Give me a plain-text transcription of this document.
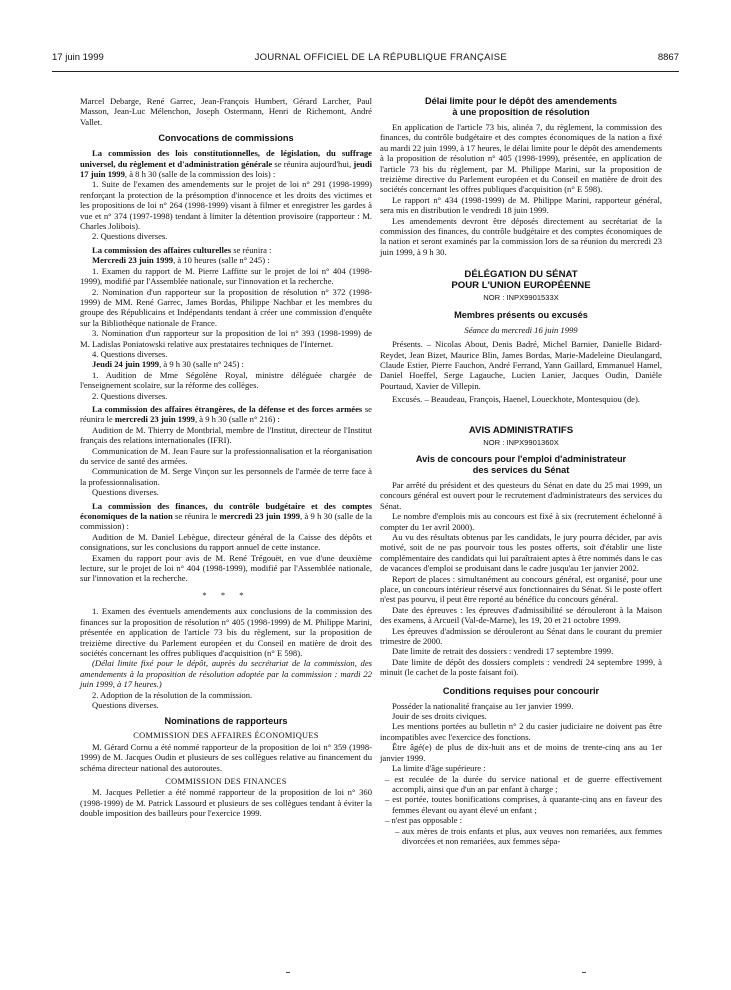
17 juin 1999	JOURNAL OFFICIEL DE LA RÉPUBLIQUE FRANÇAISE	8867

Marcel Debarge, René Garrec, Jean-François Humbert, Gérard Larcher, Paul Masson, Jean-Luc Mélenchon, Joseph Ostermann, Henri de Richemont, André Vallet.

Convocations de commissions

La commission des lois constitutionnelles, de législation, du suffrage universel, du règlement et d'administration générale se réunira aujourd'hui, jeudi 17 juin 1999, à 8 h 30 (salle de la commission des lois) :

1. Suite de l'examen des amendements sur le projet de loi n° 291 (1998-1999) renforçant la protection de la présomption d'innocence et les droits des victimes et les propositions de loi n° 264 (1998-1999) visant à filmer et enregistrer les gardes à vue et n° 374 (1997-1998) tendant à limiter la détention provisoire (rapporteur : M. Charles Jolibois).

2. Questions diverses.

La commission des affaires culturelles se réunira :

Mercredi 23 juin 1999, à 10 heures (salle n° 245) :

1. Examen du rapport de M. Pierre Laffitte sur le projet de loi n° 404 (1998-1999), modifié par l'Assemblée nationale, sur l'innovation et la recherche.

2. Nomination d'un rapporteur sur la proposition de résolution n° 372 (1998-1999) de MM. René Garrec, James Bordas, Philippe Nachbar et les membres du groupe des Républicains et Indépendants tendant à créer une commission d'enquête sur la Bibliothèque nationale de France.

3. Nomination d'un rapporteur sur la proposition de loi n° 393 (1998-1999) de M. Ladislas Poniatowski relative aux prestataires techniques de l'Internet.

4. Questions diverses.

Jeudi 24 juin 1999, à 9 h 30 (salle n° 245) :

1. Audition de Mme Ségolène Royal, ministre déléguée chargée de l'enseignement scolaire, sur la réforme des collèges.

2. Questions diverses.

La commission des affaires étrangères, de la défense et des forces armées se réunira le mercredi 23 juin 1999, à 9 h 30 (salle n° 216) :

Audition de M. Thierry de Montbrial, membre de l'Institut, directeur de l'Institut français des relations internationales (IFRI).

Communication de M. Jean Faure sur la professionnalisation et la réorganisation du service de santé des armées.

Communication de M. Serge Vinçon sur les personnels de l'armée de terre face à la professionnalisation.

Questions diverses.

La commission des finances, du contrôle budgétaire et des comptes économiques de la nation se réunira le mercredi 23 juin 1999, à 9 h 30 (salle de la commission) :

Audition de M. Daniel Lebègue, directeur général de la Caisse des dépôts et consignations, sur les conclusions du rapport annuel de cette instance.

Examen du rapport pour avis de M. René Trégouët, en vue d'une deuxième lecture, sur le projet de loi n° 404 (1998-1999), modifié par l'Assemblée nationale, sur l'innovation et la recherche.

* * *

1. Examen des éventuels amendements aux conclusions de la commission des finances sur la proposition de résolution n° 405 (1998-1999) de M. Philippe Marini, présentée en application de l'article 73 bis du règlement, sur la proposition de treizième directive du Parlement européen et du Conseil en matière de droit des sociétés concernant les offres publiques d'acquisition (n° E 598).

(Délai limite fixé pour le dépôt, auprès du secrétariat de la commission, des amendements à la proposition de résolution adoptée par la commission : mardi 22 juin 1999, à 17 heures.)

2. Adoption de la résolution de la commission.

Questions diverses.

Nominations de rapporteurs

COMMISSION DES AFFAIRES ÉCONOMIQUES

M. Gérard Cornu a été nommé rapporteur de la proposition de loi n° 359 (1998-1999) de M. Jacques Oudin et plusieurs de ses collègues relative au financement du schéma directeur national des autoroutes.

COMMISSION DES FINANCES

M. Jacques Pelletier a été nommé rapporteur de la proposition de loi n° 360 (1998-1999) de M. Patrick Lassourd et plusieurs de ses collègues tendant à éviter la double imposition des bailleurs pour l'exercice 1999.

Délai limite pour le dépôt des amendements
à une proposition de résolution

En application de l'article 73 bis, alinéa 7, du règlement, la commission des finances, du contrôle budgétaire et des comptes économiques de la nation a fixé au mardi 22 juin 1999, à 17 heures, le délai limite pour le dépôt des amendements à la proposition de résolution n° 405 (1998-1999), présentée, en application de l'article 73 bis du règlement, par M. Philippe Marini, sur la proposition de treizième directive du Parlement européen et du Conseil en matière de droit des sociétés concernant les offres publiques d'acquisition (n° E 598).

Le rapport n° 434 (1998-1999) de M. Philippe Marini, rapporteur général, sera mis en distribution le vendredi 18 juin 1999.

Les amendements devront être déposés directement au secrétariat de la commission des finances, du contrôle budgétaire et des comptes économiques de la nation et seront examinés par la commission lors de sa réunion du mercredi 23 juin 1999, à 9 h 30.

DÉLÉGATION DU SÉNAT
POUR L'UNION EUROPÉENNE

NOR : INPX9901533X

Membres présents ou excusés

Séance du mercredi 16 juin 1999

Présents. – Nicolas About, Denis Badré, Michel Barnier, Danielle Bidard-Reydet, Jean Bizet, Maurice Blin, James Bordas, Marie-Madeleine Dieulangard, Claude Estier, Pierre Fauchon, André Ferrand, Yann Gaillard, Emmanuel Hamel, Daniel Hoeffel, Serge Lagauche, Lucien Lanier, Jacques Oudin, Danièle Pourtaud, Xavier de Villepin.

Excusés. – Beaudeau, François, Haenel, Loueckhote, Montesquiou (de).

AVIS ADMINISTRATIFS

NOR : INPX9901360X

Avis de concours pour l'emploi d'administrateur
des services du Sénat

Par arrêté du président et des questeurs du Sénat en date du 25 mai 1999, un concours général est ouvert pour le recrutement d'administrateurs des services du Sénat.

Le nombre d'emplois mis au concours est fixé à six (recrutement échelonné à compter du 1er avril 2000).

Au vu des résultats obtenus par les candidats, le jury pourra décider, par avis motivé, soit de ne pas pourvoir tous les postes offerts, soit d'établir une liste complémentaire des candidats qui lui paraîtraient aptes à être nommés dans le cas de vacances d'emploi se produisant dans le cadre jusqu'au 1er janvier 2002.

Report de places : simultanément au concours général, est organisé, pour une place, un concours intérieur réservé aux fonctionnaires du Sénat. Si le poste offert n'est pas pourvu, il peut être reporté au bénéfice du concours général.

Date des épreuves : les épreuves d'admissibilité se dérouleront à la Maison des examens, à Arcueil (Val-de-Marne), les 19, 20 et 21 octobre 1999.

Les épreuves d'admission se dérouleront au Sénat dans le courant du premier trimestre de 2000.

Date limite de retrait des dossiers : vendredi 17 septembre 1999.

Date limite de dépôt des dossiers complets : vendredi 24 septembre 1999, à minuit (le cachet de la poste faisant foi).

Conditions requises pour concourir

Posséder la nationalité française au 1er janvier 1999.

Jouir de ses droits civiques.

Les mentions portées au bulletin n° 2 du casier judiciaire ne doivent pas être incompatibles avec l'exercice des fonctions.

Être âgé(e) de plus de dix-huit ans et de moins de trente-cinq ans au 1er janvier 1999.

La limite d'âge supérieure :

– est reculée de la durée du service national et de guerre effectivement accompli, ainsi que d'un an par enfant à charge ;

– est portée, toutes bonifications comprises, à quarante-cinq ans en faveur des femmes élevant ou ayant élevé un enfant ;

– n'est pas opposable :

– aux mères de trois enfants et plus, aux veuves non remariées, aux femmes divorcées et non remariées, aux femmes sépa-
